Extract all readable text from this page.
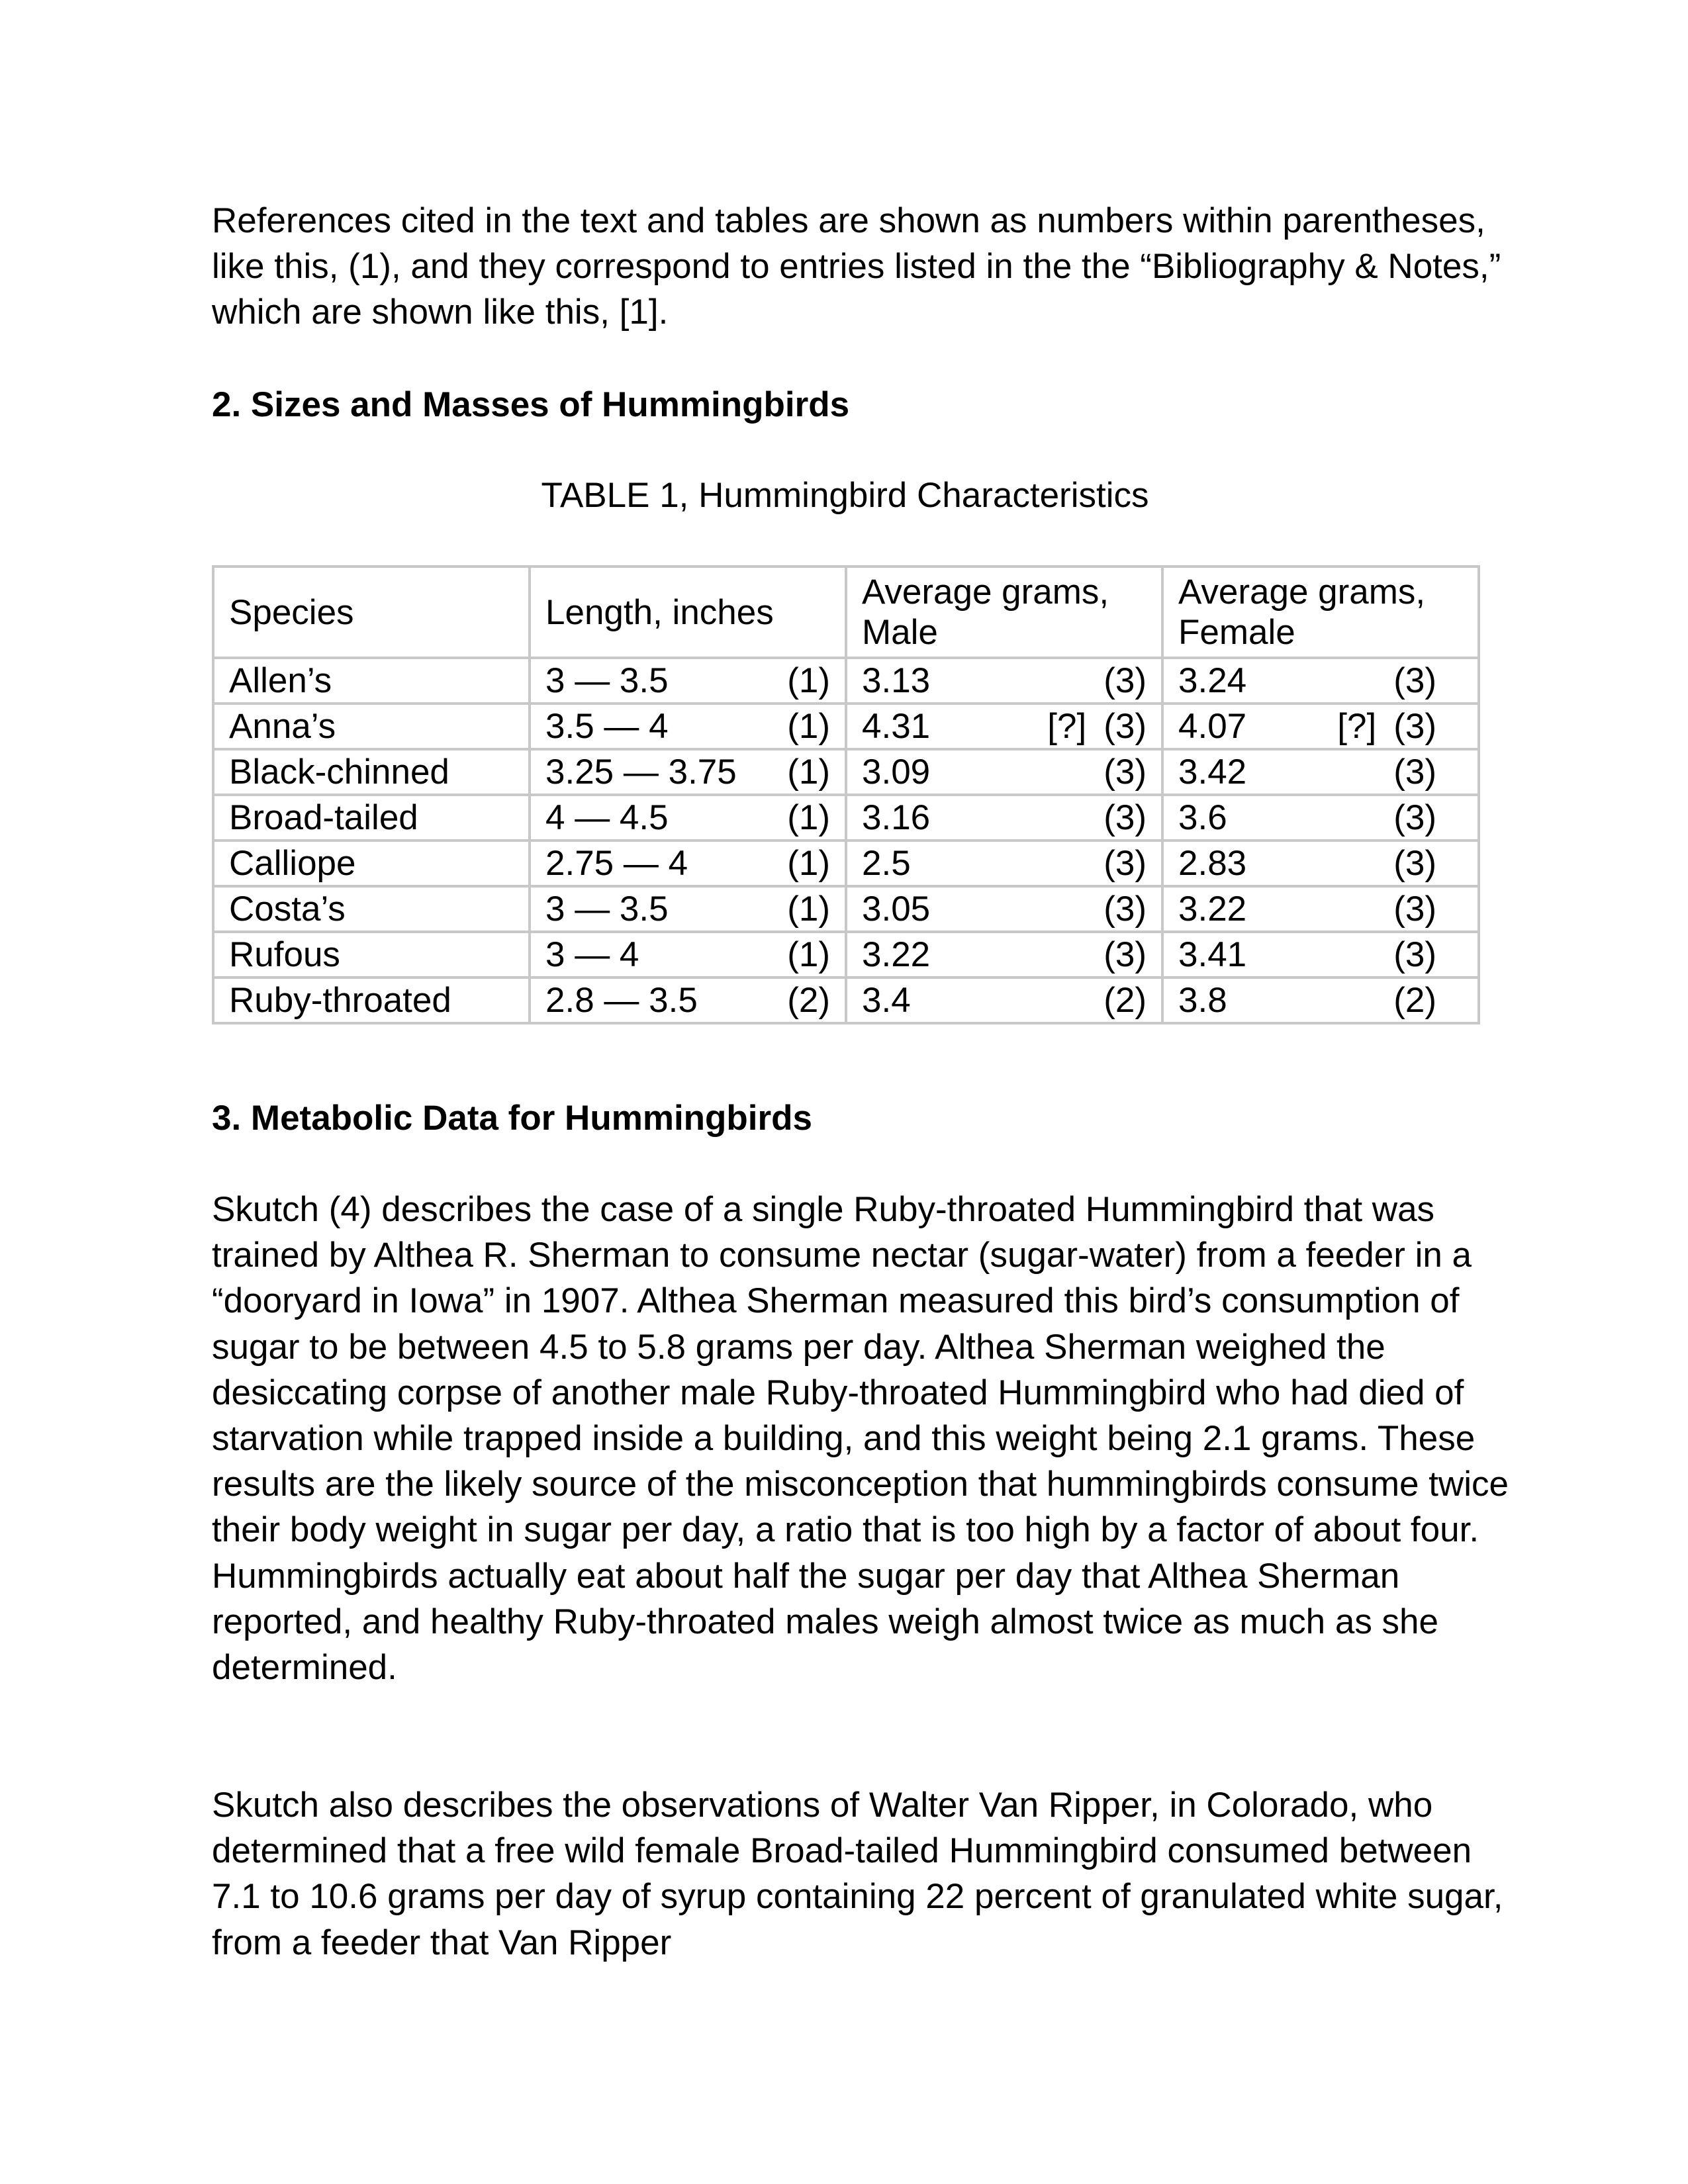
References cited in the text and tables are shown as numbers within parentheses, like this, (1), and they correspond to entries listed in the the “Bibliography & Notes,” which are shown like this, [1].

2. Sizes and Masses of Hummingbirds

TABLE 1, Hummingbird Characteristics

Species	Length, inches	Average grams, Male	Average grams, Female
Allen’s	3 — 3.5 (1)	3.13 (3)	3.24 (3)

Anna’s	3.5 — 4 (1)	4.31 [?] (3)	4.07 [?] (3)

Black-chinned	3.25 — 3.75 (1)	3.09 (3)	3.42 (3)

Broad-tailed	4 — 4.5 (1)	3.16 (3)	3.6 (3)

Calliope	2.75 — 4 (1)	2.5 (3)	2.83 (3)

Costa’s	3 — 3.5 (1)	3.05 (3)	3.22 (3)

Rufous	3 — 4 (1)	3.22 (3)	3.41 (3)

Ruby-throated	2.8 — 3.5 (2)	3.4 (2)	3.8 (2)
3. Metabolic Data for Hummingbirds

Skutch (4) describes the case of a single Ruby-throated Hummingbird that was trained by Althea R. Sherman to consume nectar (sugar-water) from a feeder in a “dooryard in Iowa” in 1907. Althea Sherman measured this bird’s consumption of sugar to be between 4.5 to 5.8 grams per day. Althea Sherman weighed the desiccating corpse of another male Ruby-throated Hummingbird who had died of starvation while trapped inside a building, and this weight being 2.1 grams. These results are the likely source of the misconception that hummingbirds consume twice their body weight in sugar per day, a ratio that is too high by a factor of about four. Hummingbirds actually eat about half the sugar per day that Althea Sherman reported, and healthy Ruby-throated males weigh almost twice as much as she determined.

Skutch also describes the observations of Walter Van Ripper, in Colorado, who determined that a free wild female Broad-tailed Hummingbird consumed between 7.1 to 10.6 grams per day of syrup containing 22 percent of granulated white sugar, from a feeder that Van Ripper
